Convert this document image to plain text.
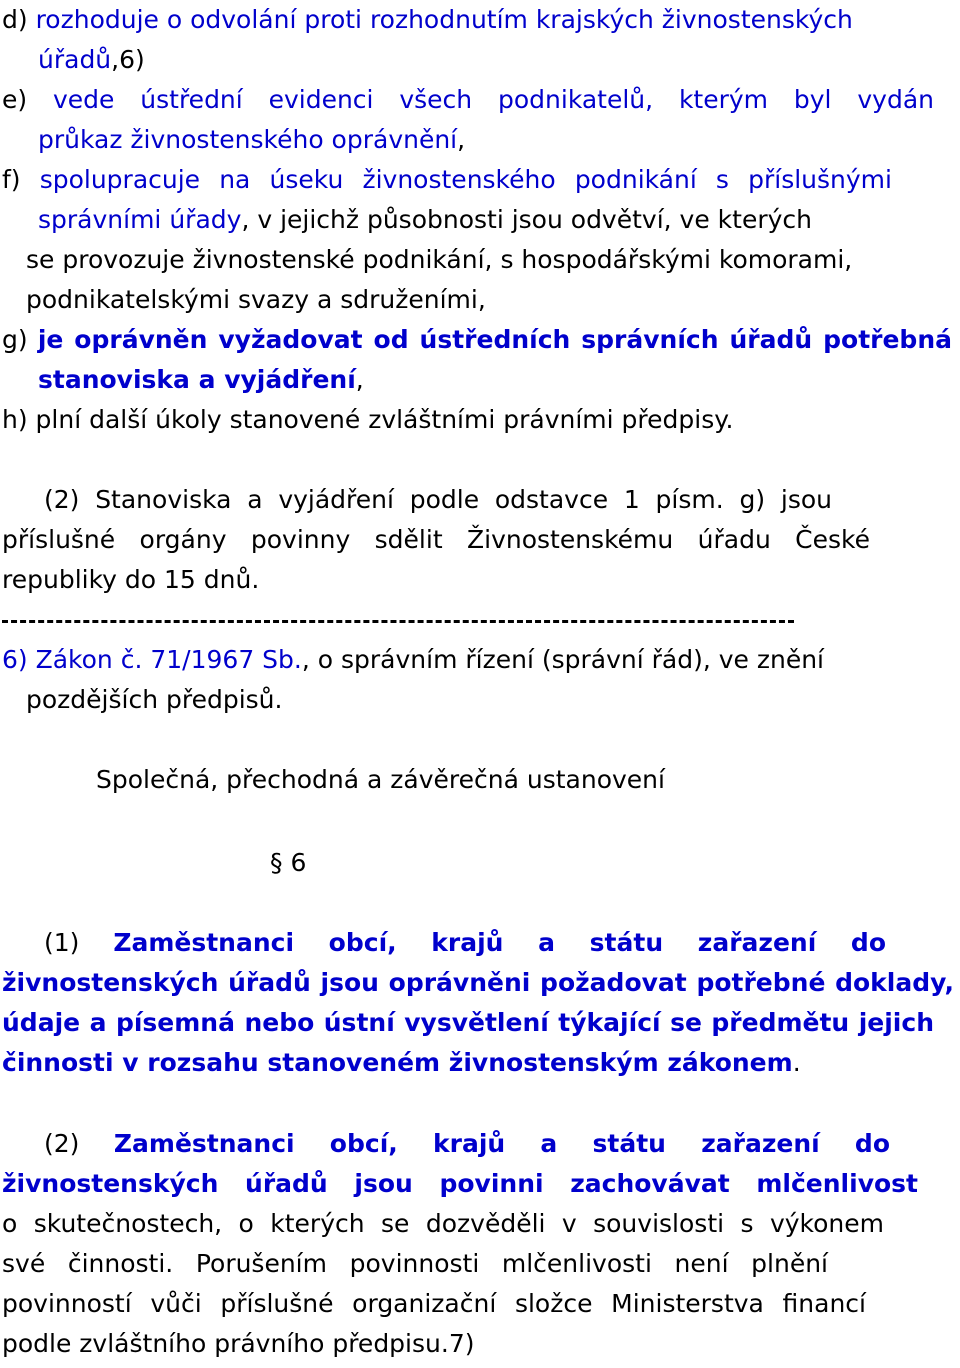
d) rozhoduje o odvolání proti rozhodnutím krajských živnostenských
úřadů,6)
e) vede ústřední evidenci všech podnikatelů, kterým byl vydán
průkaz živnostenského oprávnění,
f) spolupracuje na úseku živnostenského podnikání s příslušnými
správními úřady, v jejichž působnosti jsou odvětví, ve kterých
se provozuje živnostenské podnikání, s hospodářskými komorami,
podnikatelskými svazy a sdruženími,
g) je oprávněn vyžadovat od ústředních správních úřadů potřebná
stanoviska a vyjádření,
h) plní další úkoly stanovené zvláštními právními předpisy.
(2) Stanoviska a vyjádření podle odstavce 1 písm. g) jsou
příslušné orgány povinny sdělit Živnostenskému úřadu České
republiky do 15 dnů.
6) Zákon č. 71/1967 Sb., o správním řízení (správní řád), ve znění
pozdějších předpisů.
Společná, přechodná a závěrečná ustanovení
§ 6
(1) Zaměstnanci obcí, krajů a státu zařazení do
živnostenských úřadů jsou oprávněni požadovat potřebné doklady,
údaje a písemná nebo ústní vysvětlení týkající se předmětu jejich
činnosti v rozsahu stanoveném živnostenským zákonem.
(2) Zaměstnanci obcí, krajů a státu zařazení do
živnostenských úřadů jsou povinni zachovávat mlčenlivost
o skutečnostech, o kterých se dozvěděli v souvislosti s výkonem
své činnosti. Porušením povinnosti mlčenlivosti není plnění
povinností vůči příslušné organizační složce Ministerstva financí
podle zvláštního právního předpisu.7)
